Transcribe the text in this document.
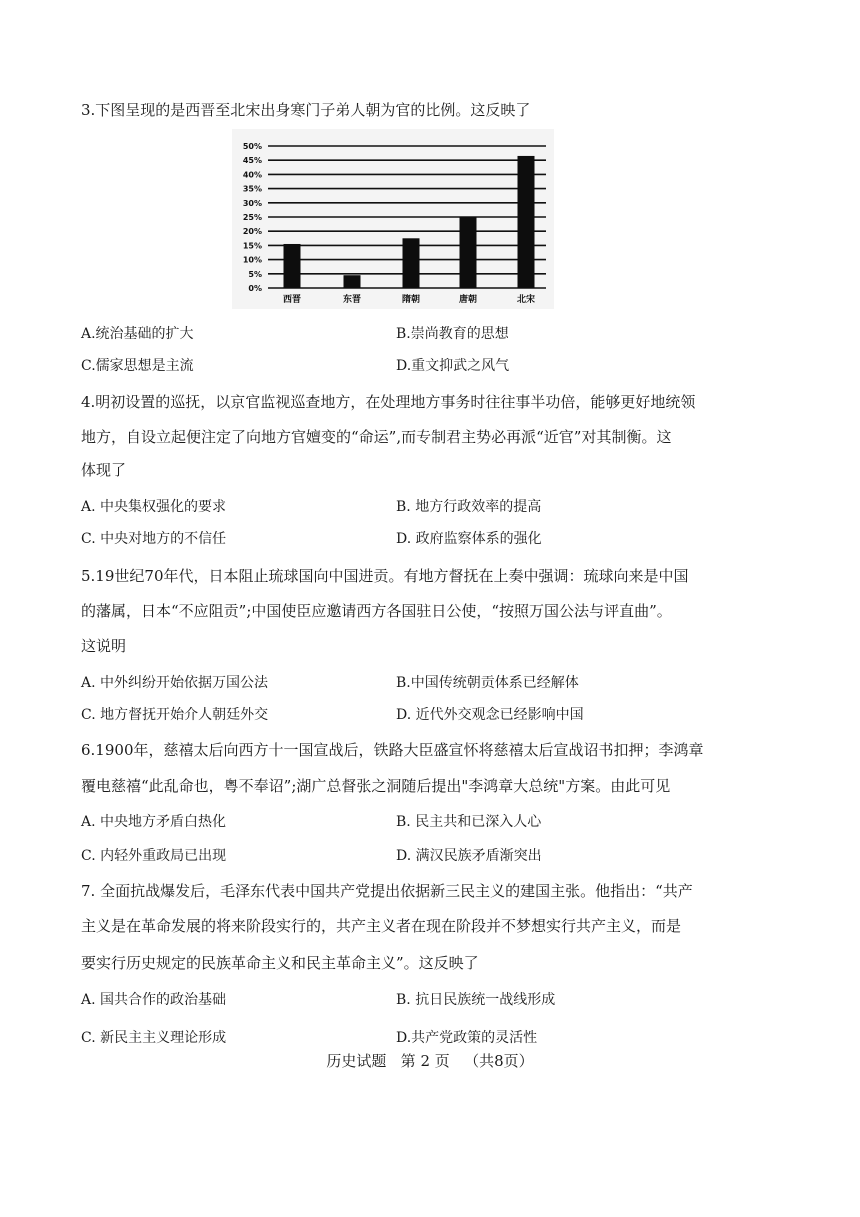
3.下图呈现的是西晋至北宋出身寒门子弟人朝为官的比例。这反映了
0%
5%
10%
15%
20%
25%
30%
35%
40%
45%
50%
西晋	东晋	隋朝	唐朝	北宋
A.统治基础的扩大	B.崇尚教育的思想
C.儒家思想是主流	D.重文抑武之风气
4.明初设置的巡抚，以京官监视巡查地方，在处理地方事务时往往事半功倍，能够更好地统领
地方，自设立起便注定了向地方官嬗变的“命运”,而专制君主势必再派“近官”对其制衡。这
体现了
A. 中央集权强化的要求	B. 地方行政效率的提高
C. 中央对地方的不信任	D. 政府监察体系的强化
5.19世纪70年代，日本阻止琉球国向中国进贡。有地方督抚在上奏中强调：琉球向来是中国
的藩属，日本“不应阻贡”;中国使臣应邀请西方各国驻日公使，“按照万国公法与评直曲”。
这说明
A. 中外纠纷开始依据万国公法	B.中国传统朝贡体系已经解体
C. 地方督抚开始介人朝廷外交	D. 近代外交观念已经影响中国
6.1900年，慈禧太后向西方十一国宣战后，铁路大臣盛宣怀将慈禧太后宣战诏书扣押；李鸿章
覆电慈禧“此乱命也，粤不奉诏”;湖广总督张之洞随后提出"李鸿章大总统"方案。由此可见
A. 中央地方矛盾白热化	B. 民主共和已深入人心
C. 内轻外重政局已出现	D. 满汉民族矛盾渐突出
7. 全面抗战爆发后，毛泽东代表中国共产党提出依据新三民主义的建国主张。他指出：“共产
主义是在革命发展的将来阶段实行的，共产主义者在现在阶段并不梦想实行共产主义，而是
要实行历史规定的民族革命主义和民主革命主义”。这反映了
A. 国共合作的政治基础	B. 抗日民族统一战线形成
C. 新民主主义理论形成	D.共产党政策的灵活性
历史试题   第 2 页   （共8页）
